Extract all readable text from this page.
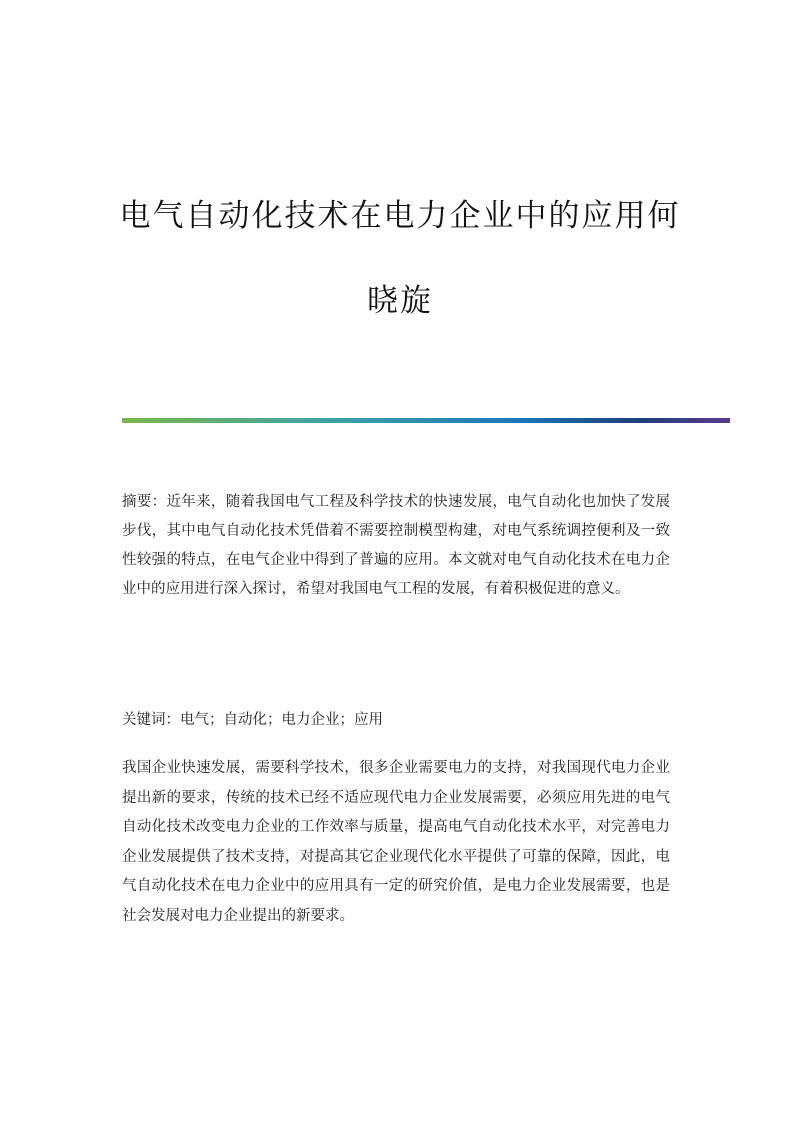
电气自动化技术在电力企业中的应用何
晓旋

摘要：近年来，随着我国电气工程及科学技术的快速发展，电气自动化也加快了发展步伐，其中电气自动化技术凭借着不需要控制模型构建，对电气系统调控便利及一致性较强的特点，在电气企业中得到了普遍的应用。本文就对电气自动化技术在电力企业中的应用进行深入探讨，希望对我国电气工程的发展，有着积极促进的意义。

关键词：电气；自动化；电力企业；应用

我国企业快速发展，需要科学技术，很多企业需要电力的支持，对我国现代电力企业提出新的要求，传统的技术已经不适应现代电力企业发展需要，必须应用先进的电气自动化技术改变电力企业的工作效率与质量，提高电气自动化技术水平，对完善电力企业发展提供了技术支持，对提高其它企业现代化水平提供了可靠的保障，因此，电气自动化技术在电力企业中的应用具有一定的研究价值，是电力企业发展需要，也是社会发展对电力企业提出的新要求。
